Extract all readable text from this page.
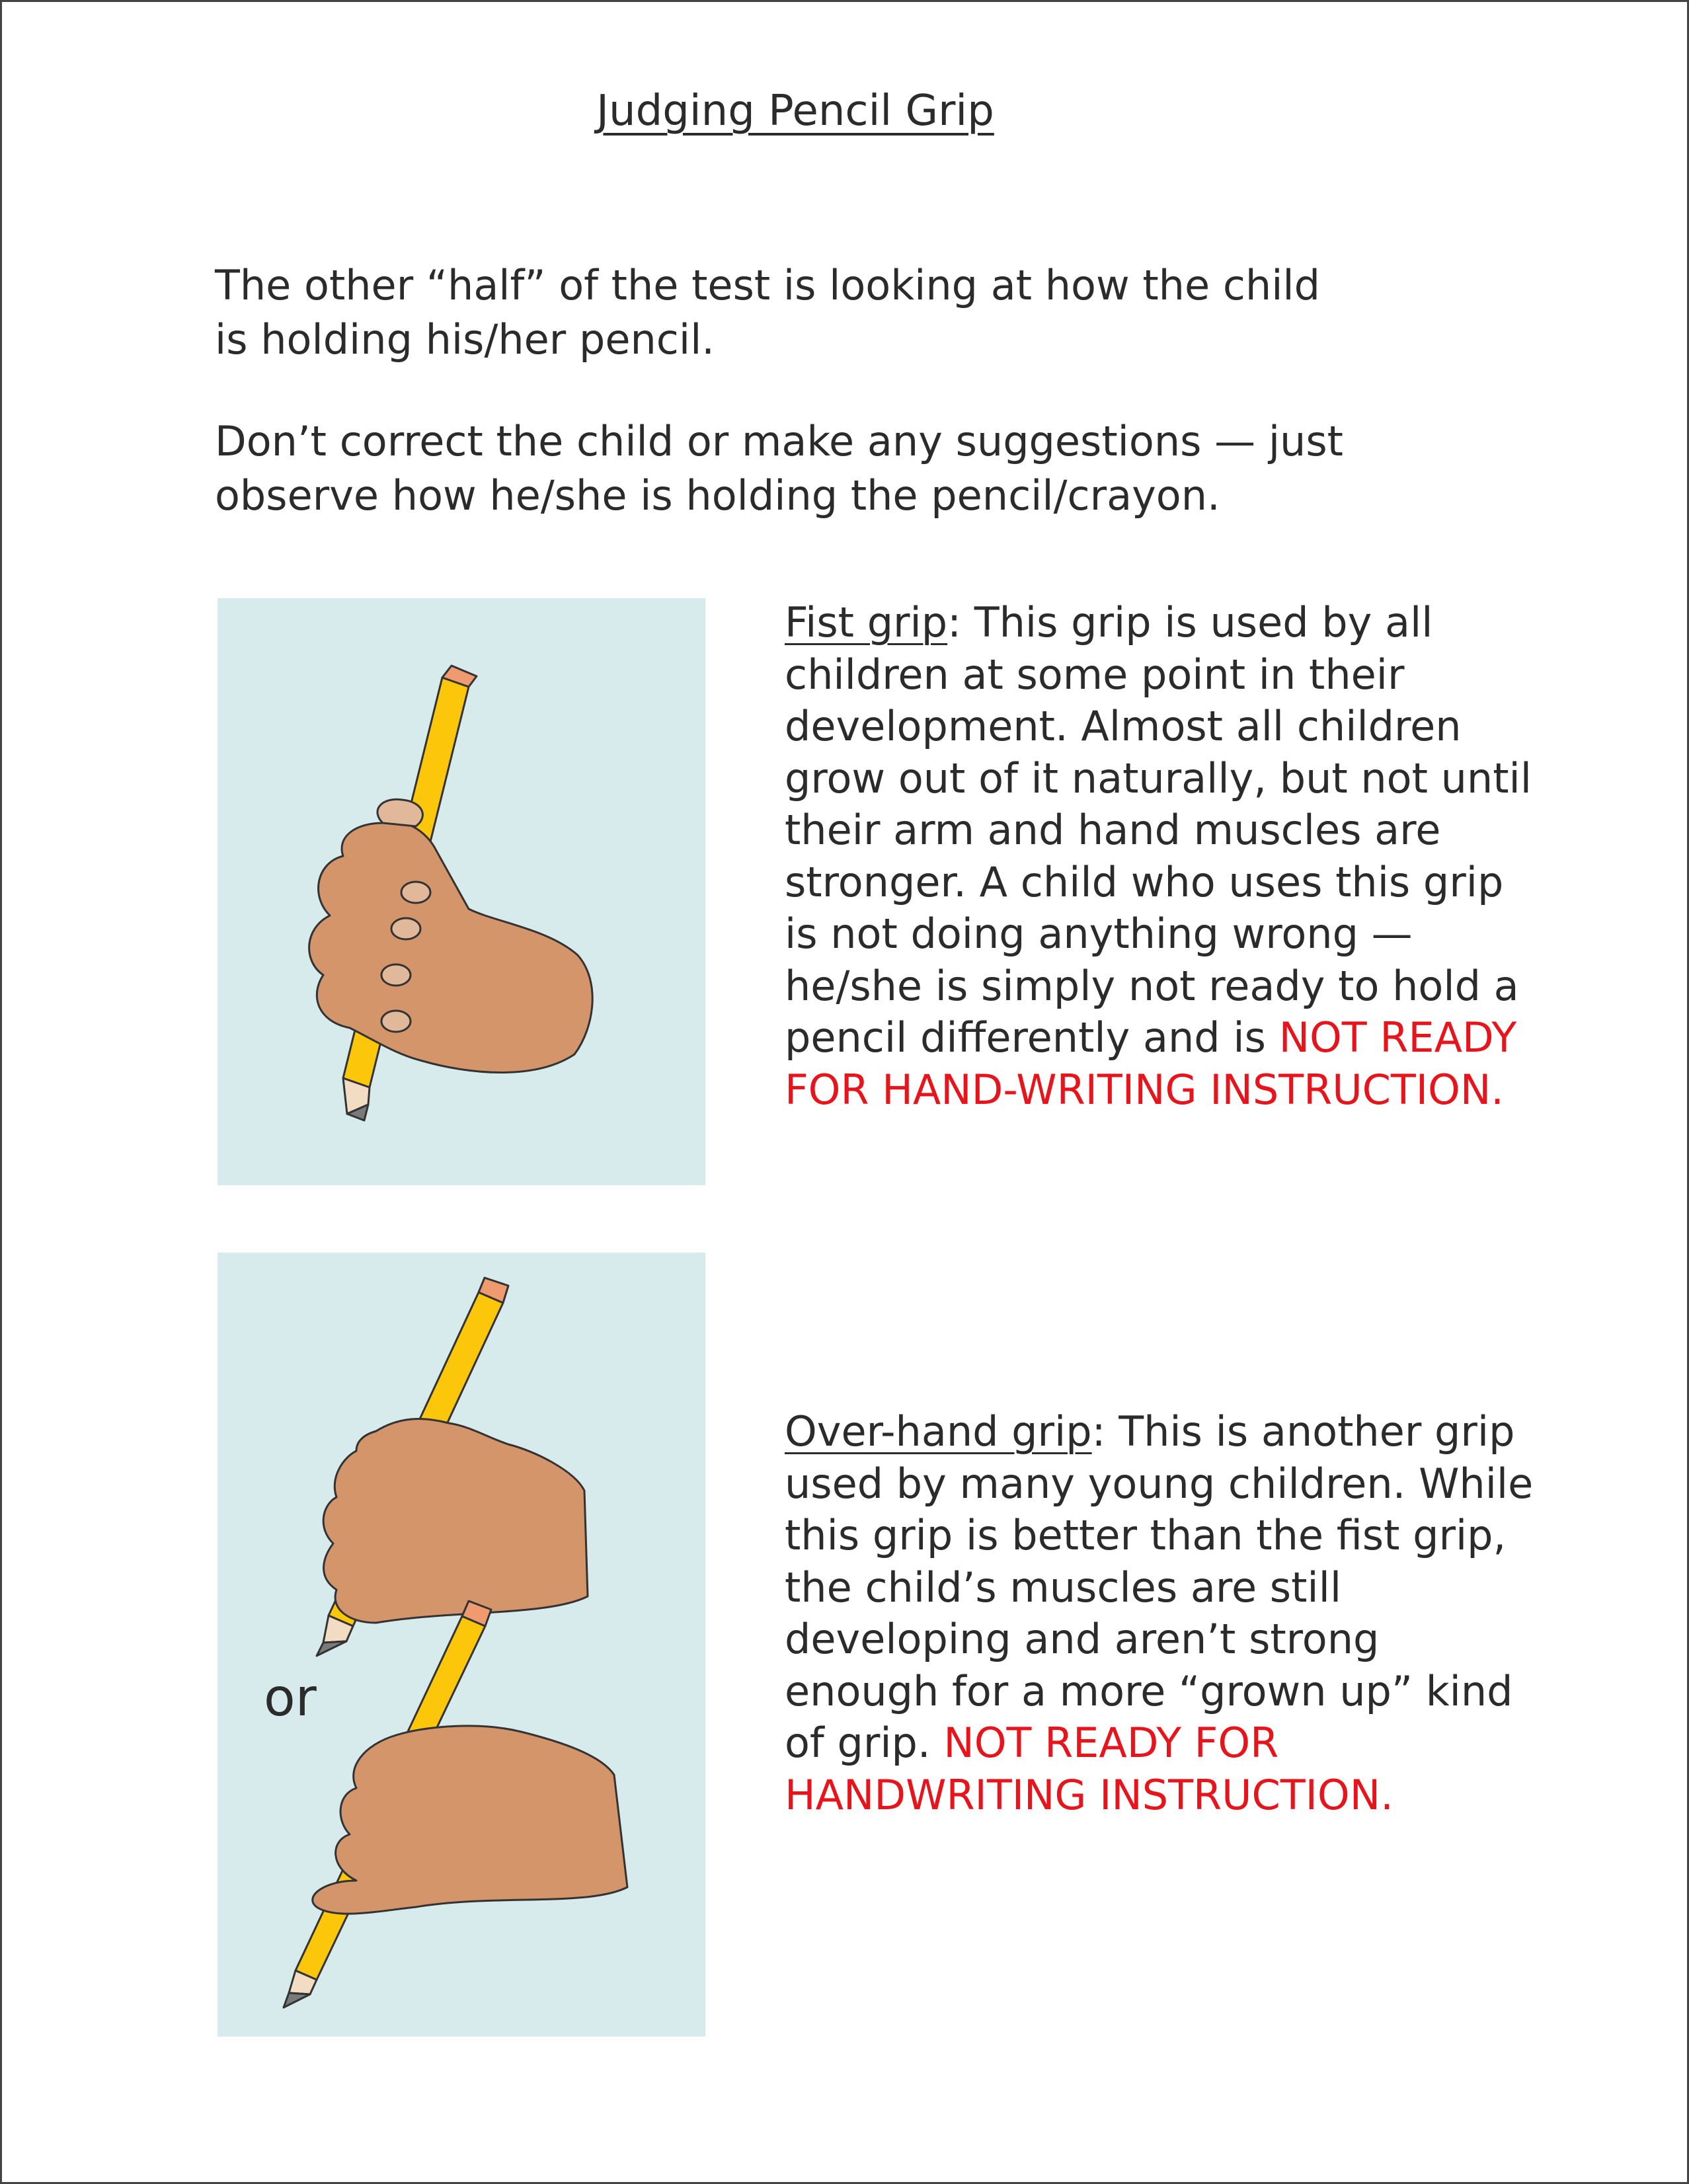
Judging Pencil Grip

The other “half” of the test is looking at how the child is holding his/her pencil.

Don’t correct the child or make any suggestions — just observe how he/she is holding the pencil/crayon.

Fist grip: This grip is used by all children at some point in their development. Almost all children grow out of it naturally, but not until their arm and hand muscles are stronger. A child who uses this grip is not doing anything wrong — he/she is simply not ready to hold a pencil differently and is NOT READY FOR HAND-WRITING INSTRUCTION.

or

Over-hand grip: This is another grip used by many young children. While this grip is better than the fist grip, the child’s muscles are still developing and aren’t strong enough for a more “grown up” kind of grip. NOT READY FOR HANDWRITING INSTRUCTION.
